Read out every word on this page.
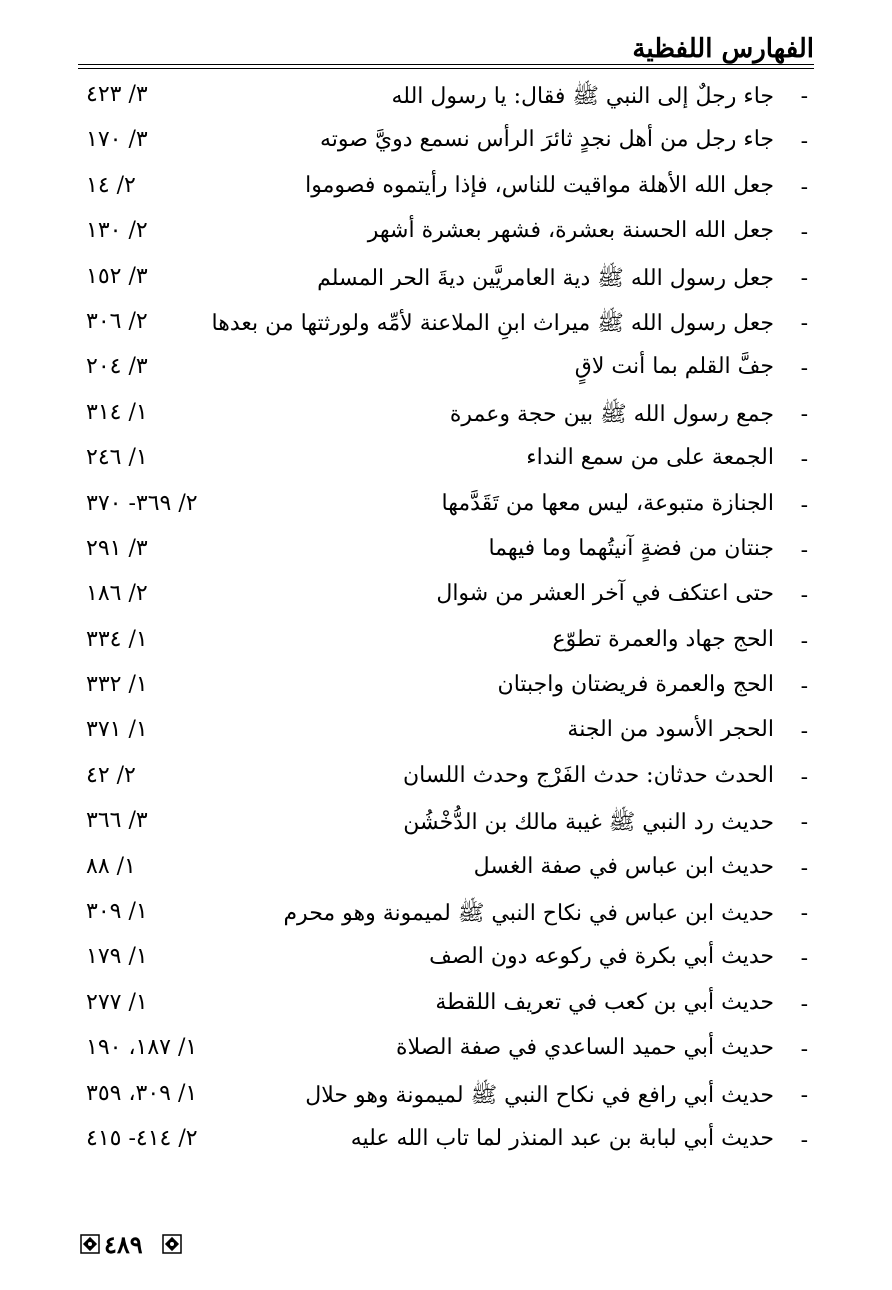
الفهارس اللفظية
-
جاء رجلٌ إلى النبي ﷺ فقال: يا رسول الله
٣/ ٤٢٣
-
جاء رجل من أهل نجدٍ ثائرَ الرأس نسمع دويَّ صوته
٣/ ١٧٠
-
جعل الله الأهلة مواقيت للناس، فإذا رأيتموه فصوموا
٢/ ١٤
-
جعل الله الحسنة بعشرة، فشهر بعشرة أشهر
٢/ ١٣٠
-
جعل رسول الله ﷺ دية العامريَّين ديةَ الحر المسلم
٣/ ١٥٢
-
جعل رسول الله ﷺ ميراث ابنِ الملاعنة لأمِّه ولورثتها من بعدها
٢/ ٣٠٦
-
جفَّ القلم بما أنت لاقٍ
٣/ ٢٠٤
-
جمع رسول الله ﷺ بين حجة وعمرة
١/ ٣١٤
-
الجمعة على من سمع النداء
١/ ٢٤٦
-
الجنازة متبوعة، ليس معها من تَقَدَّمها
٢/ ٣٦٩- ٣٧٠
-
جنتان من فضةٍ آنيتُهما وما فيهما
٣/ ٢٩١
-
حتى اعتكف في آخر العشر من شوال
٢/ ١٨٦
-
الحج جهاد والعمرة تطوّع
١/ ٣٣٤
-
الحج والعمرة فريضتان واجبتان
١/ ٣٣٢
-
الحجر الأسود من الجنة
١/ ٣٧١
-
الحدث حدثان: حدث الفَرْج وحدث اللسان
٢/ ٤٢
-
حديث رد النبي ﷺ غيبة مالك بن الدُّخْشُن
٣/ ٣٦٦
-
حديث ابن عباس في صفة الغسل
١/ ٨٨
-
حديث ابن عباس في نكاح النبي ﷺ لميمونة وهو محرم
١/ ٣٠٩
-
حديث أبي بكرة في ركوعه دون الصف
١/ ١٧٩
-
حديث أبي بن كعب في تعريف اللقطة
١/ ٢٧٧
-
حديث أبي حميد الساعدي في صفة الصلاة
١/ ١٨٧، ١٩٠
-
حديث أبي رافع في نكاح النبي ﷺ لميمونة وهو حلال
١/ ٣٠٩، ٣٥٩
-
حديث أبي لبابة بن عبد المنذر لما تاب الله عليه
٢/ ٤١٤- ٤١٥
٤٨٩
